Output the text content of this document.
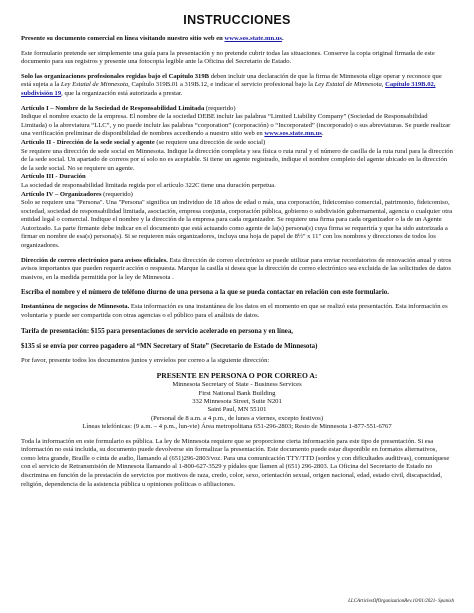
INSTRUCCIONES

Presente su documento comercial en línea visitando nuestro sitio web en www.sos.state.mn.us.

Este formulario pretende ser simplemente una guía para la presentación y no pretende cubrir todas las situaciones. Conserve la copia original firmada de este documento para sus registros y presente una fotocopia legible ante la Oficina del Secretario de Estado.

Solo las organizaciones profesionales regidas bajo el Capítulo 319B deben incluir una declaración de que la firma de Minnesota elige operar y reconoce que está sujeta a la Ley Estatal de Minnesota, Capítulo 319B.01 a 319B.12, e indicar el servicio profesional bajo la Ley Estatal de Minnesota, Capítulo 319B.02, subdivisión 19, que la organización está autorizada a prestar.

Artículo I – Nombre de la Sociedad de Responsabilidad Limitada (requerido)
Indique el nombre exacto de la empresa. El nombre de la sociedad DEBE incluir las palabras “Limited Liability Company” (Sociedad de Responsabilidad Limitada) o la abreviatura “LLC”, y no puede incluir las palabras “corporation” (corporación) o “Incorporated” (incorporado) o sus abreviaturas. Se puede realizar una verificación preliminar de disponibilidad de nombres accediendo a nuestro sitio web en www.sos.state.mn.us.

Artículo II - Dirección de la sede social y agente (se requiere una dirección de sede social)
Se requiere una dirección de sede social en Minnesota. Indique la dirección completa y sea física o ruta rural y el número de casilla de la ruta rural para la dirección de la sede social. Un apartado de correos por sí solo no es aceptable. Si tiene un agente registrado, indique el nombre completo del agente ubicado en la dirección de la sede social. No se requiere un agente.

Artículo III - Duración
La sociedad de responsabilidad limitada regida por el artículo 322C tiene una duración perpetua.

Artículo IV – Organizadores (requerido)
Solo se requiere una "Persona". Una "Persona" significa un individuo de 18 años de edad o más, una corporación, fideicomiso comercial, patrimonio, fideicomiso, sociedad, sociedad de responsabilidad limitada, asociación, empresa conjunta, corporación pública, gobierno o subdivisión gubernamental, agencia o cualquier otra entidad legal o comercial. Indique el nombre y la dirección de la empresa para cada organizador. Se requiere una firma para cada organizador o la de un Agente Autorizado. La parte firmante debe indicar en el documento que está actuando como agente de la(s) persona(s) cuya firma se requeriría y que ha sido autorizada a firmar en nombre de esa(s) persona(s). Si se requieren más organizadores, incluya una hoja de papel de 8½" x 11" con los nombres y direcciones de todos los organizadores.

Dirección de correo electrónico para avisos oficiales. Esta dirección de correo electrónico se puede utilizar para enviar recordatorios de renovación anual y otros avisos importantes que pueden requerir acción o respuesta. Marque la casilla si desea que la dirección de correo electrónico sea excluida de las solicitudes de datos masivos, en la medida permitida por la ley de Minnesota .

Escriba el nombre y el número de teléfono diurno de una persona a la que se pueda contactar en relación con este formulario.

Instantánea de negocios de Minnesota. Esta información es una instantánea de los datos en el momento en que se realizó esta presentación. Esta información es voluntaria y puede ser compartida con otras agencias o el público para el análisis de datos.

Tarifa de presentación: $155 para presentaciones de servicio acelerado en persona y en línea,

$135 si se envía por correo pagadero al “MN Secretary of State” (Secretario de Estado de Minnesota)

Por favor, presente todos los documentos juntos y envíelos por correo a la siguiente dirección:

PRESENTE EN PERSONA O POR CORREO A:
Minnesota Secretary of State - Business Services
First National Bank Building
332 Minnesota Street, Suite N201
Saint Paul, MN 55101
(Personal de 8 a.m. a 4 p.m., de lunes a viernes, excepto festivos)
Líneas telefónicas: (9 a.m. – 4 p.m., lun-vie) Área metropolitana 651-296-2803; Resto de Minnesota 1-877-551-6767

Toda la información en este formulario es pública. La ley de Minnesota requiere que se proporcione cierta información para este tipo de presentación. Si esa información no está incluida, su documento puede devolverse sin formalizar la presentación. Este documento puede estar disponible en formatos alternativos, como letra grande, Braille o cinta de audio, llamando al (651)296-2803/voz. Para una comunicación TTY/TTD (sordos y con dificultades auditivas), comuníquese con el servicio de Retransmisión de Minnesota llamando al 1-800-627-3529 y pídales que llamen al (651) 296-2803. La Oficina del Secretario de Estado no discrimina en función de la prestación de servicios por motivos de raza, credo, color, sexo, orientación sexual, origen nacional, edad, estado civil, discapacidad, religión, dependencia de la asistencia pública u opiniones políticas o afiliaciones.

LLCArticlesOfOrganizationRev.10/01/2021- Spanish
